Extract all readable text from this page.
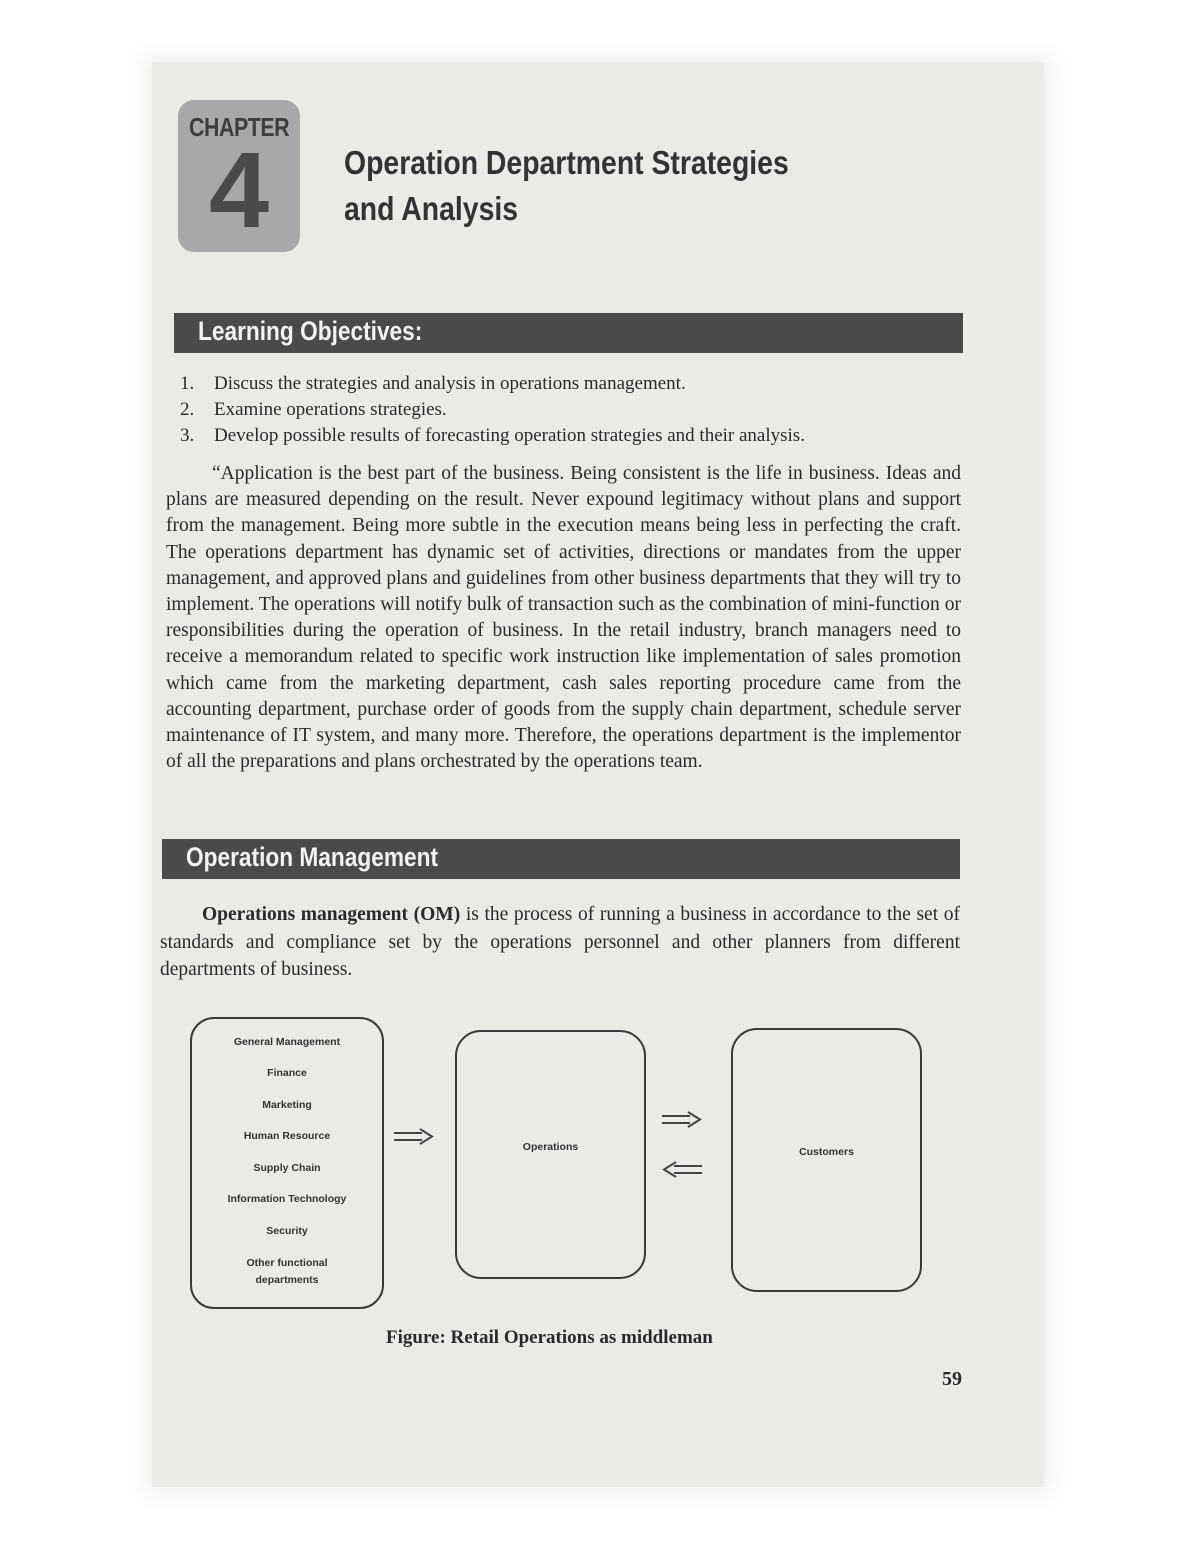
CHAPTER
4	Operation Department Strategies
and Analysis
Learning Objectives:
1. Discuss the strategies and analysis in operations management.
2. Examine operations strategies.
3. Develop possible results of forecasting operation strategies and their analysis.

“Application is the best part of the business. Being consistent is the life in business. Ideas and plans are measured depending on the result. Never expound legitimacy without plans and support from the management. Being more subtle in the execution means being less in perfecting the craft. The operations department has dynamic set of activities, directions or mandates from the upper management, and approved plans and guidelines from other business departments that they will try to implement. The operations will notify bulk of transaction such as the combination of mini-function or responsibilities during the operation of business. In the retail industry, branch managers need to receive a memorandum related to specific work instruction like implementation of sales promotion which came from the marketing department, cash sales reporting procedure came from the accounting department, purchase order of goods from the supply chain department, schedule server maintenance of IT system, and many more. Therefore, the operations department is the implementor of all the preparations and plans orchestrated by the operations team.

Operation Management

Operations management (OM) is the process of running a business in accordance to the set of standards and compliance set by the operations personnel and other planners from different departments of business.

General Management
Finance
Marketing
Human Resource
Supply Chain
Information Technology
Security
Other functional
departments
Operations	Customers
Figure: Retail Operations as middleman
59
